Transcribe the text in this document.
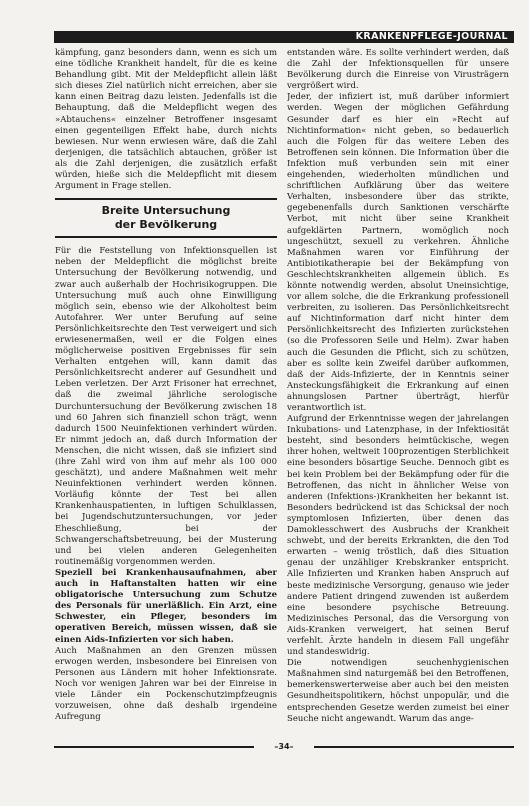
KRANKENPFLEGE-JOURNAL

kämpfung, ganz besonders dann, wenn es sich um eine tödliche Krankheit handelt, für die es keine Behandlung gibt. Mit der Meldepflicht allein läßt sich dieses Ziel natürlich nicht erreichen, aber sie kann einen Beitrag dazu leisten. Jedenfalls ist die Behauptung, daß die Meldepflicht wegen des »Abtauchens« einzelner Betroffener insgesamt einen gegenteiligen Effekt habe, durch nichts bewiesen. Nur wenn erwiesen wäre, daß die Zahl derjenigen, die tatsächlich abtauchen, größer ist als die Zahl derjenigen, die zusätzlich erfaßt würden, hieße sich die Meldepflicht mit diesem Argument in Frage stellen.

Breite Untersuchung
der Bevölkerung

Für die Feststellung von Infektionsquellen ist neben der Meldepflicht die möglichst breite Untersuchung der Bevölkerung notwendig, und zwar auch außerhalb der Hochrisikogruppen. Die Untersuchung muß auch ohne Einwilligung möglich sein, ebenso wie der Alkoholtest beim Autofahrer. Wer unter Berufung auf seine Persönlichkeitsrechte den Test verweigert und sich erwiesenermaßen, weil er die Folgen eines möglicherweise positiven Ergebnisses für sein Verhalten entgehen will, kann damit das Persönlichkeitsrecht anderer auf Gesundheit und Leben verletzen. Der Arzt Frisoner hat errechnet, daß die zweimal jährliche serologische Durchuntersuchung der Bevölkerung zwischen 18 und 60 Jahren sich finanziell schon trägt, wenn dadurch 1500 Neuinfektionen verhindert würden. Er nimmt jedoch an, daß durch Information der Menschen, die nicht wissen, daß sie infiziert sind (ihre Zahl wird von ihm auf mehr als 100 000 geschätzt), und andere Maßnahmen weit mehr Neuinfektionen verhindert werden können. Vorläufig könnte der Test bei allen Krankenhauspatienten, in luftigen Schulklassen, bei Jugendschutzuntersuchungen, vor jeder Eheschließung, bei der Schwangerschaftsbetreuung, bei der Musterung und bei vielen anderen Gelegenheiten routinemäßig vorgenommen werden.

Speziell bei Krankenhausaufnahmen, aber auch in Haftanstalten hatten wir eine obligatorische Untersuchung zum Schutze des Personals für unerläßlich. Ein Arzt, eine Schwester, ein Pfleger, besonders im operativen Bereich, müssen wissen, daß sie einen Aids-Infizierten vor sich haben.

Auch Maßnahmen an den Grenzen müssen erwogen werden, insbesondere bei Einreisen von Personen aus Ländern mit hoher Infektionsrate. Noch vor wenigen Jahren war bei der Einreise in viele Länder ein Pockenschutzimpfzeugnis vorzuweisen, ohne daß deshalb irgendeine Aufregung

entstanden wäre. Es sollte verhindert werden, daß die Zahl der Infektionsquellen für unsere Bevölkerung durch die Einreise von Virusträgern vergrößert wird.

Jeder, der infiziert ist, muß darüber informiert werden. Wegen der möglichen Gefährdung Gesunder darf es hier ein »Recht auf Nichtinformation« nicht geben, so bedauerlich auch die Folgen für das weitere Leben des Betroffenen sein können. Die Information über die Infektion muß verbunden sein mit einer eingehenden, wiederholten mündlichen und schriftlichen Aufklärung über das weitere Verhalten, insbesondere über das strikte, gegebenenfalls durch Sanktionen verschärfte Verbot, mit nicht über seine Krankheit aufgeklärten Partnern, womöglich noch ungeschützt, sexuell zu verkehren. Ähnliche Maßnahmen waren vor Einführung der Antibiotikatherapie bei der Bekämpfung von Geschlechtskrankheiten allgemein üblich. Es könnte notwendig werden, absolut Uneinsichtige, vor allem solche, die die Erkrankung professionell verbreiten, zu isolieren. Das Persönlichkeitsrecht auf Nichtinformation darf nicht hinter dem Persönlichkeitsrecht des Infizierten zurückstehen (so die Professoren Seile und Helm). Zwar haben auch die Gesunden die Pflicht, sich zu schützen, aber es sollte kein Zweifel darüber aufkommen, daß der Aids-Infizierte, der in Kenntnis seiner Ansteckungsfähigkeit die Erkrankung auf einen ahnungslosen Partner überträgt, hierfür verantwortlich ist.

Aufgrund der Erkenntnisse wegen der jahrelangen Inkubations- und Latenzphase, in der Infektiosität besteht, sind besonders heimtückische, wegen ihrer hohen, weltweit 100prozentigen Sterblichkeit eine besonders bösartige Seuche. Dennoch gibt es bei kein Problem bei der Bekämpfung oder für die Betroffenen, das nicht in ähnlicher Weise von anderen (Infektions-)Krankheiten her bekannt ist. Besonders bedrückend ist das Schicksal der noch symptomlosen Infizierten, über denen das Damoklesschwert des Ausbruchs der Krankheit schwebt, und der bereits Erkrankten, die den Tod erwarten – wenig tröstlich, daß dies Situation genau der unzähliger Krebskranker entspricht. Alle Infizierten und Kranken haben Anspruch auf beste medizinische Versorgung, genauso wie jeder andere Patient dringend zuwenden ist außerdem eine besondere psychische Betreuung. Medizinisches Personal, das die Versorgung von Aids-Kranken verweigert, hat seinen Beruf verfehlt. Ärzte handeln in diesem Fall ungefähr und standeswidrig.

Die notwendigen seuchenhygienischen Maßnahmen sind naturgemäß bei den Betroffenen, bemerkenswerterweise aber auch bei den meisten Gesundheitspolitikern, höchst unpopulär, und die entsprechenden Gesetze werden zumeist bei einer Seuche nicht angewandt. Warum das ange-

–34–
